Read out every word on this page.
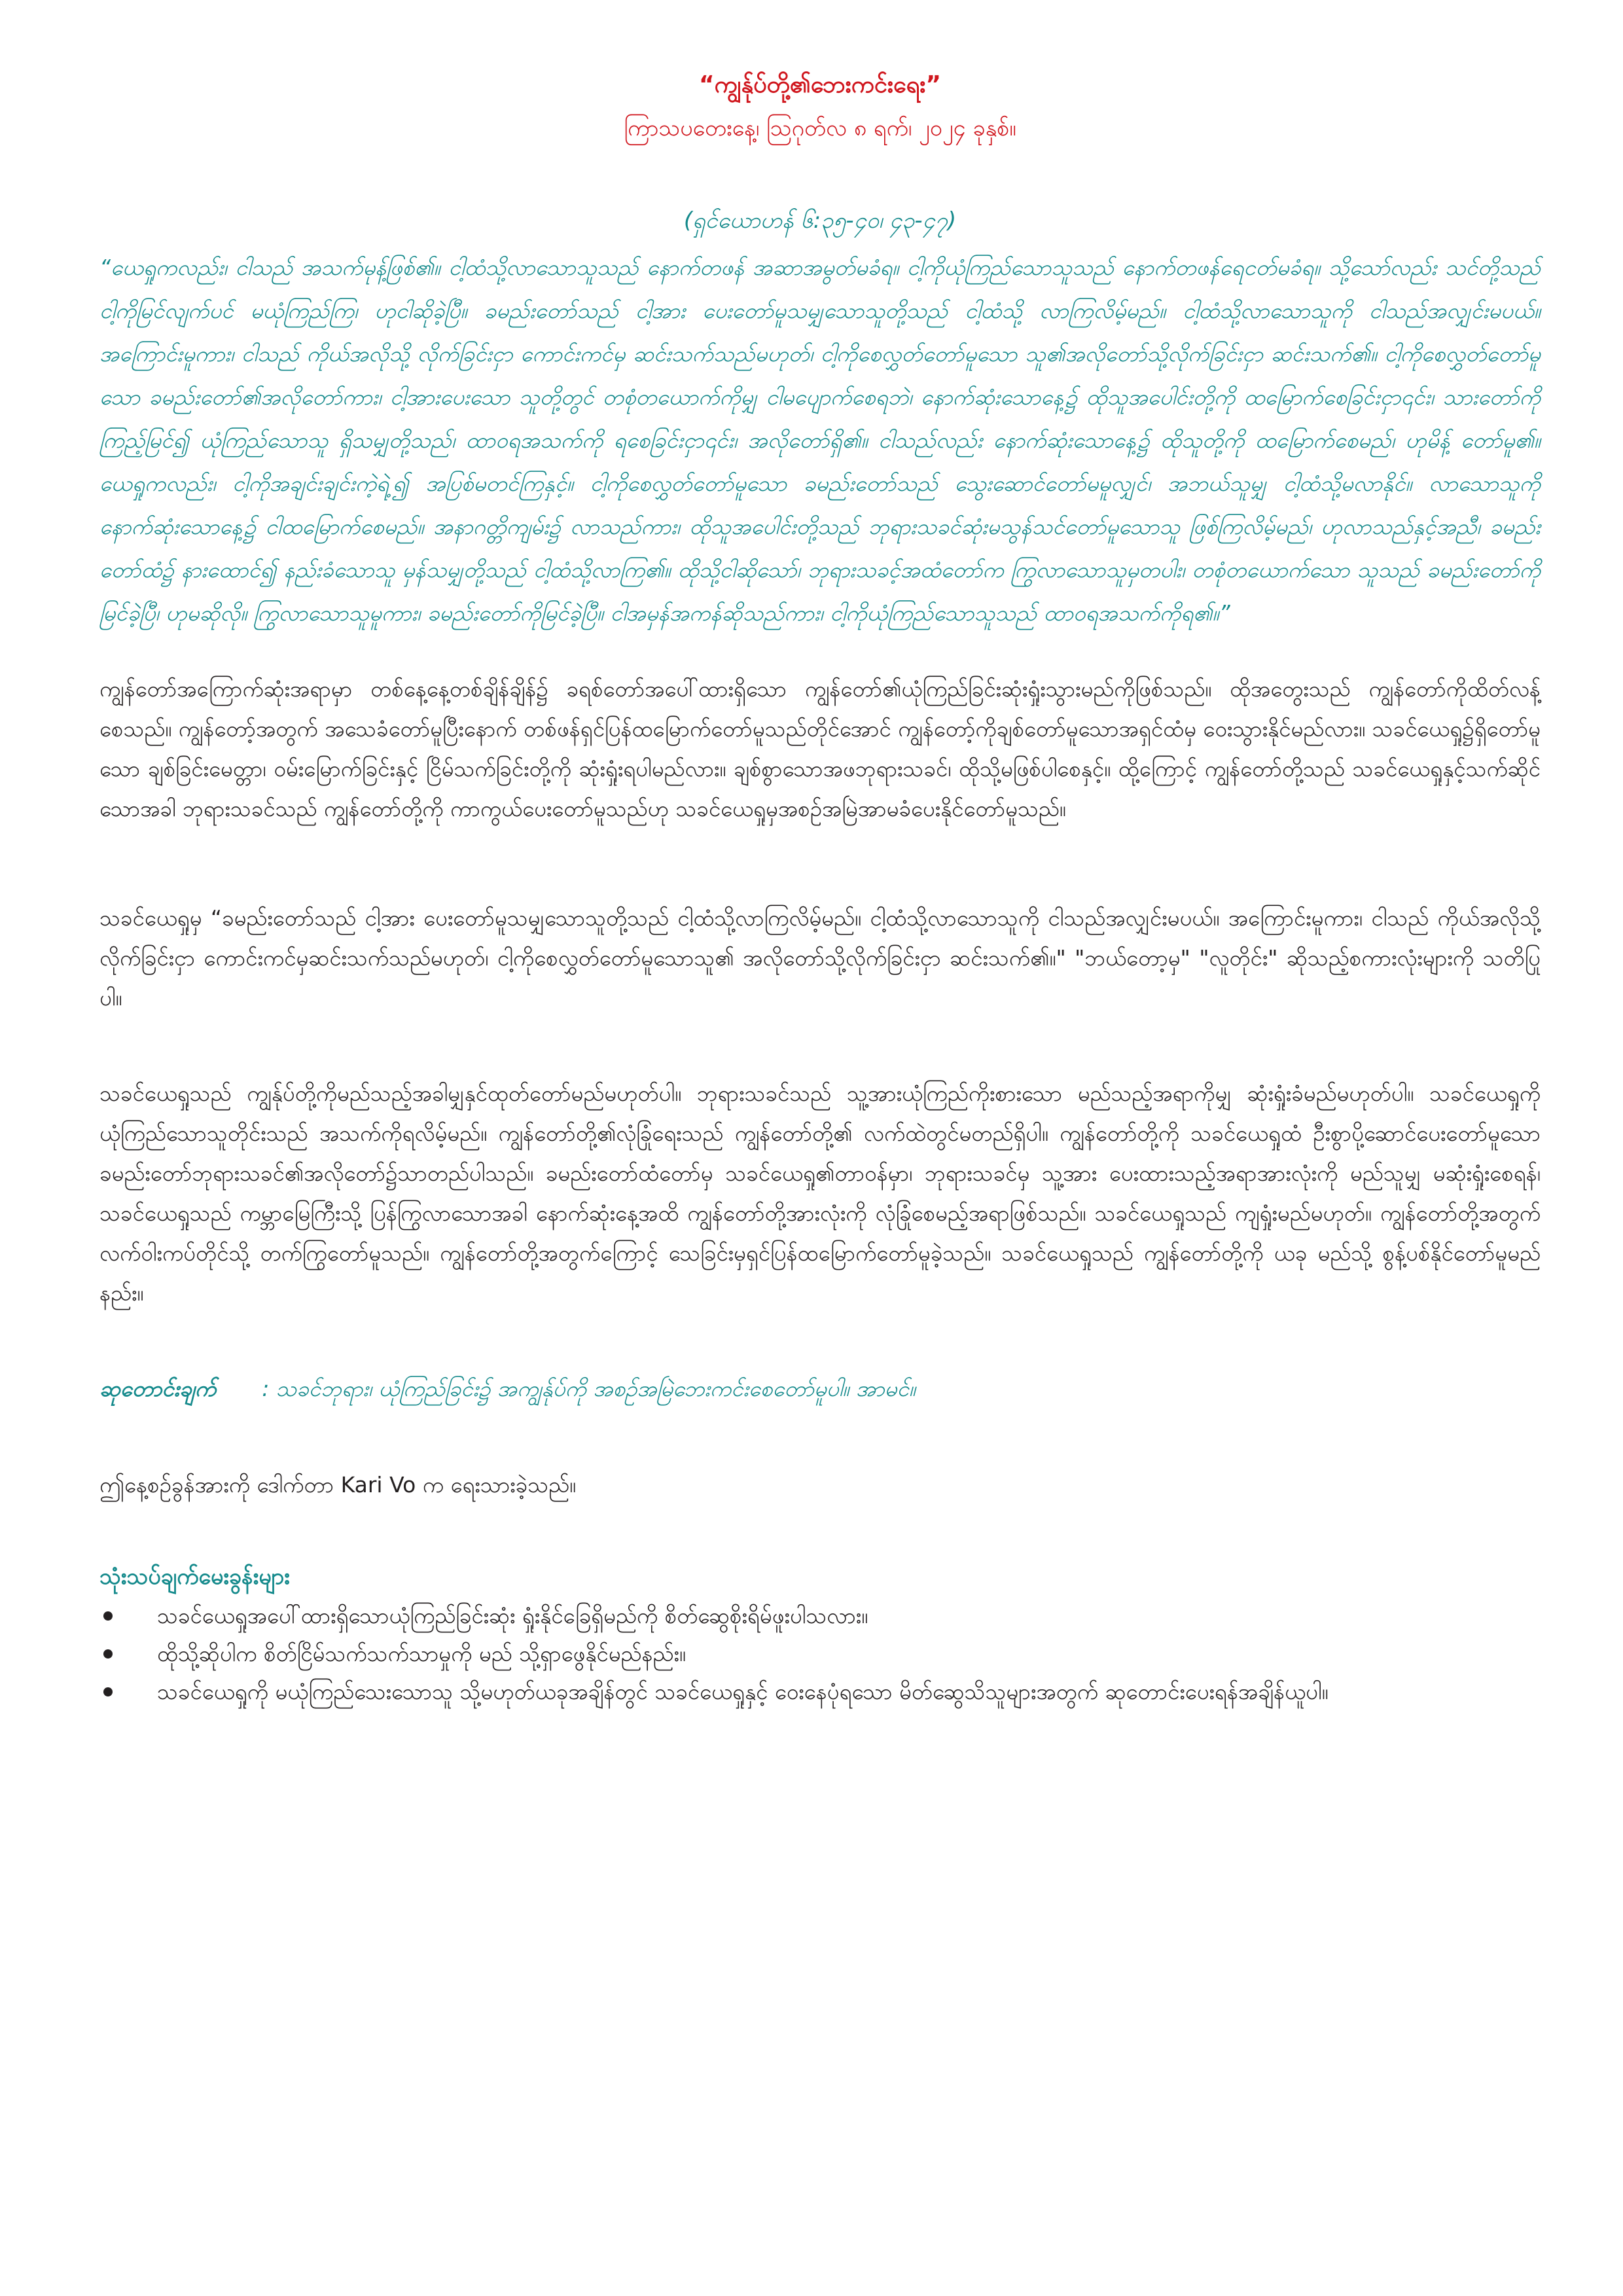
“ကျွန်ုပ်တို့၏ဘေးကင်းရေး”

ကြာသပတေးနေ့၊ ဩဂုတ်လ ၈ ရက်၊ ၂၀၂၄ ခုနှစ်။

(ရှင်ယောဟန် ၆:၃၅-၄၀၊ ၄၃-၄၇)

“ယေရှုကလည်း၊ ငါသည် အသက်မုန့်ဖြစ်၏။ ငါ့ထံသို့လာသောသူသည် နောက်တဖန် အဆာအမွတ်မခံရ။ ငါ့ကိုယုံကြည်သောသူသည် နောက်တဖန်ရေငတ်မခံရ။ သို့သော်လည်း သင်တို့သည် ငါ့ကိုမြင်လျက်ပင် မယုံကြည်ကြ၊ ဟုငါဆိုခဲ့ပြီ။ ခမည်းတော်သည် ငါ့အား ပေးတော်မူသမျှသောသူတို့သည် ငါ့ထံသို့ လာကြလိမ့်မည်။ ငါ့ထံသို့လာသောသူကို ငါသည်အလျှင်းမပယ်။ အကြောင်းမူကား၊ ငါသည် ကိုယ်အလိုသို့ လိုက်ခြင်းငှာ ကောင်းကင်မှ ဆင်းသက်သည်မဟုတ်၊ ငါ့ကိုစေလွှတ်တော်မူသော သူ၏အလိုတော်သို့လိုက်ခြင်းငှာ ဆင်းသက်၏။ ငါ့ကိုစေလွှတ်တော်မူသော ခမည်းတော်၏အလိုတော်ကား၊ ငါ့အားပေးသော သူတို့တွင် တစုံတယောက်ကိုမျှ ငါမပျောက်စေရဘဲ၊ နောက်ဆုံးသောနေ့၌ ထိုသူအပေါင်းတို့ကို ထမြောက်စေခြင်းငှာ၎င်း၊ သားတော်ကိုကြည့်မြင်၍ ယုံကြည်သောသူ ရှိသမျှတို့သည်၊ ထာဝရအသက်ကို ရစေခြင်းငှာ၎င်း၊ အလိုတော်ရှိ၏။ ငါသည်လည်း နောက်ဆုံးသောနေ့၌ ထိုသူတို့ကို ထမြောက်စေမည်၊ ဟုမိန့် တော်မူ၏။ ယေရှုကလည်း၊ ငါ့ကိုအချင်းချင်းကဲ့ရဲ့၍ အပြစ်မတင်ကြနှင့်။ ငါ့ကိုစေလွှတ်တော်မူသော ခမည်းတော်သည် သွေးဆောင်တော်မမူလျှင်၊ အဘယ်သူမျှ ငါ့ထံသို့မလာနိုင်။ လာသောသူကို နောက်ဆုံးသောနေ့၌ ငါထမြောက်စေမည်။ အနာဂတ္တိကျမ်း၌ လာသည်ကား၊ ထိုသူအပေါင်းတို့သည် ဘုရားသခင်ဆုံးမသွန်သင်တော်မူသောသူ ဖြစ်ကြလိမ့်မည်၊ ဟုလာသည်နှင့်အညီ၊ ခမည်းတော်ထံ၌ နားထောင်၍ နည်းခံသောသူ မှန်သမျှတို့သည် ငါ့ထံသို့လာကြ၏။ ထိုသို့ငါဆိုသော်၊ ဘုရားသခင့်အထံတော်က ကြွလာသောသူမှတပါး၊ တစုံတယောက်သော သူသည် ခမည်းတော်ကို မြင်ခဲ့ပြီ၊ ဟုမဆိုလို။ ကြွလာသောသူမူကား၊ ခမည်းတော်ကိုမြင်ခဲ့ပြီ။ ငါအမှန်အကန်ဆိုသည်ကား၊ ငါ့ကိုယုံကြည်သောသူသည် ထာဝရအသက်ကိုရ၏။”

ကျွန်တော်အကြောက်ဆုံးအရာမှာ တစ်နေ့နေ့တစ်ချိန်ချိန်၌ ခရစ်တော်အပေါ်ထားရှိသော ကျွန်တော်၏ယုံကြည်ခြင်းဆုံးရှုံးသွားမည်ကိုဖြစ်သည်။ ထိုအတွေးသည် ကျွန်တော်ကိုထိတ်လန့်စေသည်။ ကျွန်တော့်အတွက် အသေခံတော်မူပြီးနောက် တစ်ဖန်ရှင်ပြန်ထမြောက်တော်မူသည်တိုင်အောင် ကျွန်တော့်ကိုချစ်တော်မူသောအရှင်ထံမှ ဝေးသွားနိုင်မည်လား။ သခင်ယေရှု၌ရှိတော်မူသော ချစ်ခြင်းမေတ္တာ၊ ဝမ်းမြောက်ခြင်းနှင့် ငြိမ်သက်ခြင်းတို့ကို ဆုံးရှုံးရပါမည်လား။ ချစ်စွာသောအဖဘုရားသခင်၊ ထိုသို့မဖြစ်ပါစေနှင့်။ ထို့ကြောင့် ကျွန်တော်တို့သည် သခင်ယေရှုနှင့်သက်ဆိုင်သောအခါ ဘုရားသခင်သည် ကျွန်တော်တို့ကို ကာကွယ်ပေးတော်မူသည်ဟု သခင်ယေရှုမှအစဉ်အမြဲအာမခံပေးနိုင်တော်မူသည်။

သခင်ယေရှုမှ “ခမည်းတော်သည် ငါ့အား ပေးတော်မူသမျှသောသူတို့သည် ငါ့ထံသို့လာကြလိမ့်မည်။ ငါ့ထံသို့လာသောသူကို ငါသည်အလျှင်းမပယ်။ အကြောင်းမူကား၊ ငါသည် ကိုယ်အလိုသို့ လိုက်ခြင်းငှာ ကောင်းကင်မှဆင်းသက်သည်မဟုတ်၊ ငါ့ကိုစေလွှတ်တော်မူသောသူ၏ အလိုတော်သို့လိုက်ခြင်းငှာ ဆင်းသက်၏။" "ဘယ်တော့မှ" "လူတိုင်း" ဆိုသည့်စကားလုံးများကို သတိပြုပါ။

သခင်ယေရှုသည် ကျွန်ုပ်တို့ကိုမည်သည့်အခါမျှနှင်ထုတ်တော်မည်မဟုတ်ပါ။ ဘုရားသခင်သည် သူ့အားယုံကြည်ကိုးစားသော မည်သည့်အရာကိုမျှ ဆုံးရှုံးခံမည်မဟုတ်ပါ။ သခင်ယေရှုကို ယုံကြည်သောသူတိုင်းသည် အသက်ကိုရလိမ့်မည်။ ကျွန်တော်တို့၏လုံခြုံရေးသည် ကျွန်တော်တို့၏ လက်ထဲတွင်မတည်ရှိပါ။ ကျွန်တော်တို့ကို သခင်ယေရှုထံ ဦးစွာပို့ဆောင်ပေးတော်မူသော ခမည်းတော်ဘုရားသခင်၏အလိုတော်၌သာတည်ပါသည်။ ခမည်းတော်ထံတော်မှ သခင်ယေရှု၏တာဝန်မှာ၊ ဘုရားသခင်မှ သူ့အား ပေးထားသည့်အရာအားလုံးကို မည်သူမျှ မဆုံးရှုံးစေရန်၊ သခင်ယေရှုသည် ကမ္ဘာမြေကြီးသို့ ပြန်ကြွလာသောအခါ နောက်ဆုံးနေ့အထိ ကျွန်တော်တို့အားလုံးကို လုံခြုံစေမည့်အရာဖြစ်သည်။ သခင်ယေရှုသည် ကျရှုံးမည်မဟုတ်။ ကျွန်တော်တို့အတွက် လက်ဝါးကပ်တိုင်သို့ တက်ကြွတော်မူသည်။ ကျွန်တော်တို့အတွက်ကြောင့် သေခြင်းမှရှင်ပြန်ထမြောက်တော်မူခဲ့သည်။ သခင်ယေရှုသည် ကျွန်တော်တို့ကို ယခု မည်သို့ စွန့်ပစ်နိုင်တော်မူမည်နည်း။

ဆုတောင်းချက် : သခင်ဘုရား၊ ယုံကြည်ခြင်း၌ အကျွန်ုပ်ကို အစဉ်အမြဲဘေးကင်းစေတော်မူပါ။ အာမင်။

ဤနေ့စဉ်ခွန်အားကို ဒေါက်တာ Kari Vo က ရေးသားခဲ့သည်။

သုံးသပ်ချက်မေးခွန်းများ
သခင်ယေရှုအပေါ်ထားရှိသောယုံကြည်ခြင်းဆုံး ရှုံးနိုင်ခြေရှိမည်ကို စိတ်ဆွေစိုးရိမ်ဖူးပါသလား။
ထိုသို့ဆိုပါက စိတ်ငြိမ်သက်သက်သာမှုကို မည် သို့ရှာဖွေနိုင်မည်နည်း။
သခင်ယေရှုကို မယုံကြည်သေးသောသူ သို့မဟုတ်ယခုအချိန်တွင် သခင်ယေရှုနှင့် ဝေးနေပုံရသော မိတ်ဆွေသိသူများအတွက် ဆုတောင်းပေးရန်အချိန်ယူပါ။
